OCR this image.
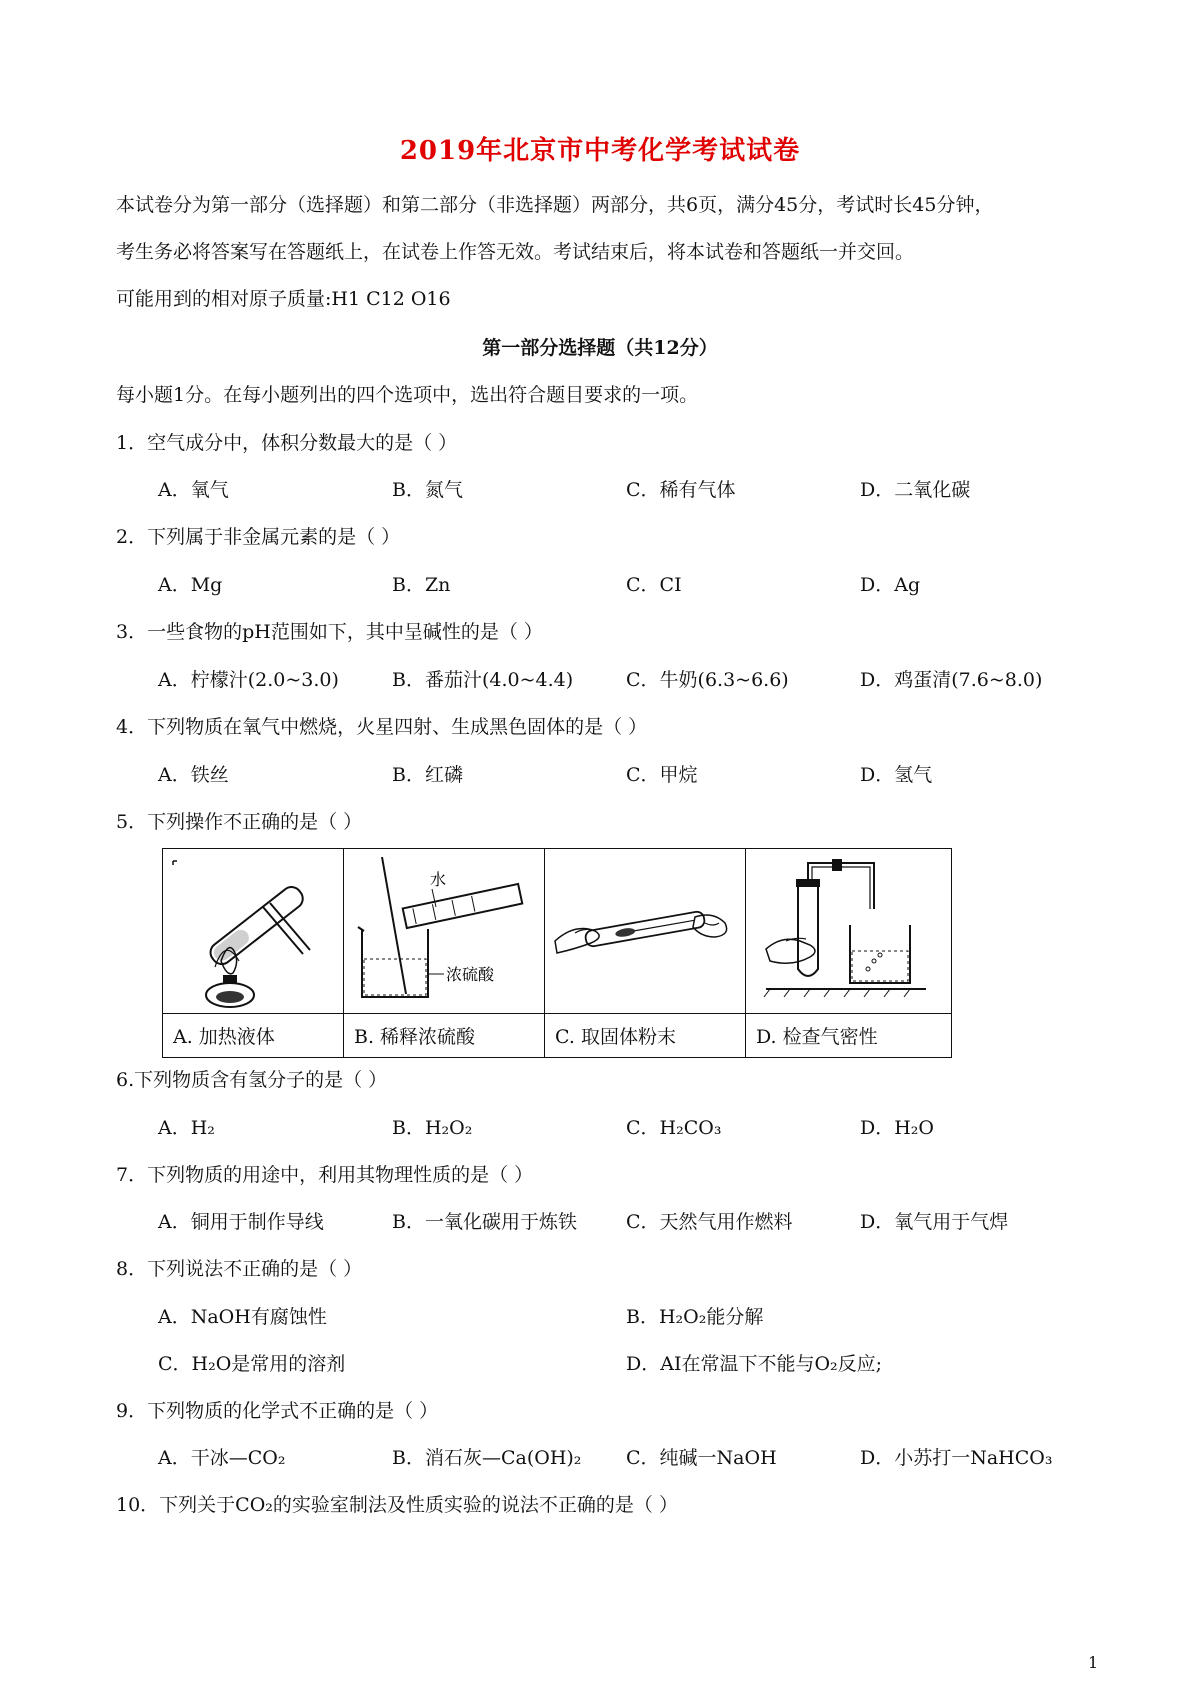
2019年北京市中考化学考试试卷
本试卷分为第一部分（选择题）和第二部分（非选择题）两部分，共6页，满分45分，考试时长45分钟，
考生务必将答案写在答题纸上，在试卷上作答无效。考试结束后，将本试卷和答题纸一并交回。
可能用到的相对原子质量:H1 C12 O16
第一部分选择题（共12分）
每小题1分。在每小题列出的四个选项中，选出符合题目要求的一项。
1．空气成分中，体积分数最大的是（ ）
A．氧气	B．氮气	C．稀有气体	D．二氧化碳
2．下列属于非金属元素的是（ ）
A．Mg	B．Zn	C．CI	D．Ag
3．一些食物的pH范围如下，其中呈碱性的是（ ）
A．柠檬汁(2.0~3.0)	B．番茄汁(4.0~4.4)	C．牛奶(6.3~6.6)	D．鸡蛋清(7.6~8.0)
4．下列物质在氧气中燃烧，火星四射、生成黑色固体的是（ ）
A．铁丝	B．红磷	C．甲烷	D．氢气
5．下列操作不正确的是（ ）

水
浓硫酸

A. 加热液体	B. 稀释浓硫酸	C. 取固体粉末	D. 检查气密性
6.下列物质含有氢分子的是（ ）
A．H₂	B．H₂O₂	C．H₂CO₃	D．H₂O
7．下列物质的用途中，利用其物理性质的是（ ）
A．铜用于制作导线	B．一氧化碳用于炼铁	C．天然气用作燃料	D．氧气用于气焊
8．下列说法不正确的是（ ）
A．NaOH有腐蚀性	B．H₂O₂能分解
C．H₂O是常用的溶剂	D．AI在常温下不能与O₂反应;
9．下列物质的化学式不正确的是（ ）
A．干冰—CO₂	B．消石灰—Ca(OH)₂ C．纯碱一NaOH	D．小苏打一NaHCO₃
10．下列关于CO₂的实验室制法及性质实验的说法不正确的是（ ）
1
